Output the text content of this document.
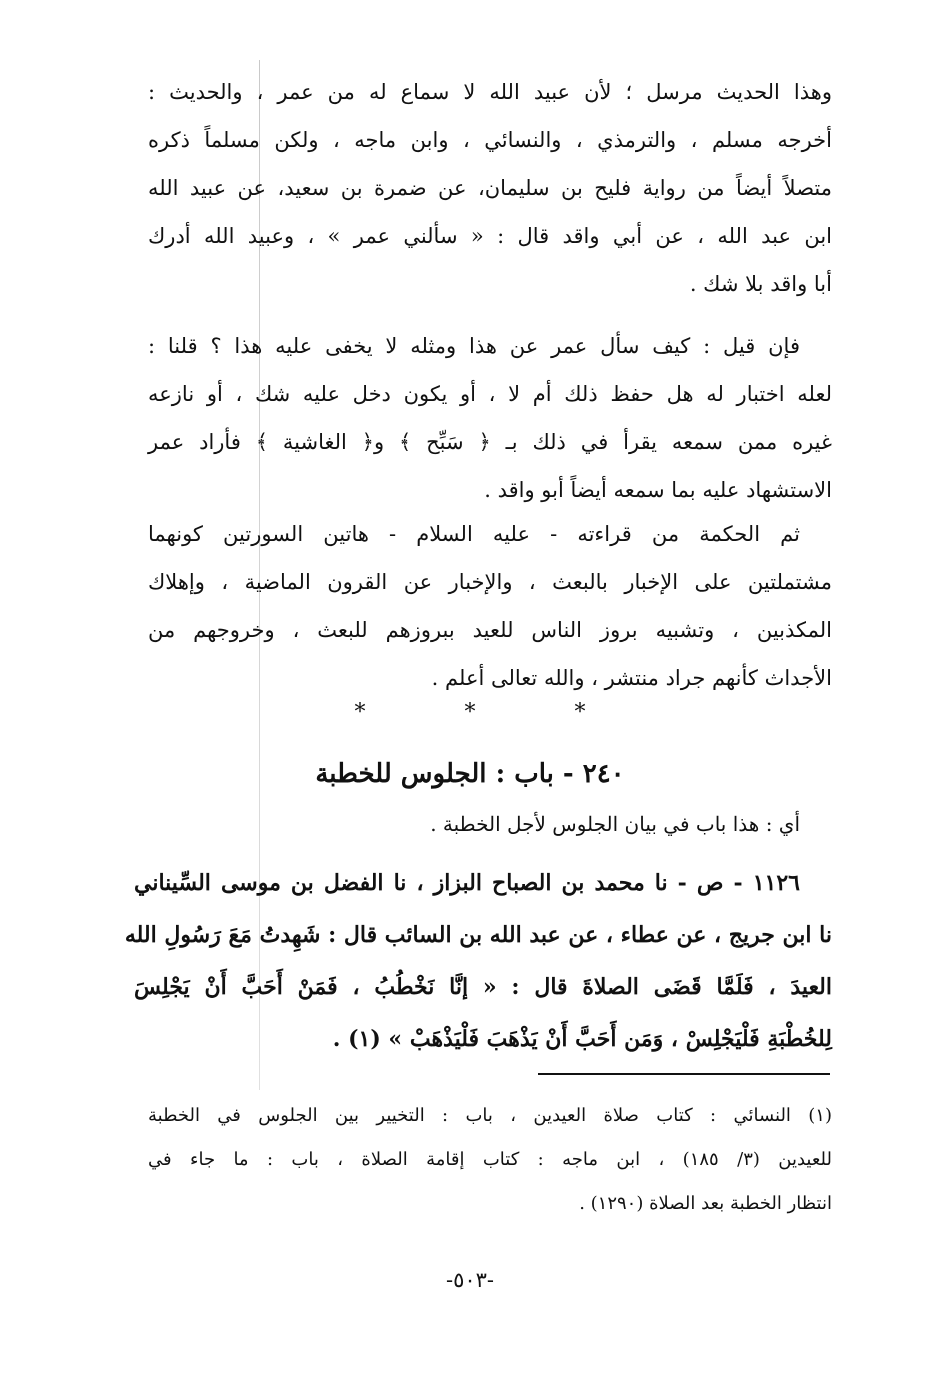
وهذا الحديث مرسل ؛ لأن عبيد الله لا سماع له من عمر ، والحديث :
أخرجه مسلم ، والترمذي ، والنسائي ، وابن ماجه ، ولكن مسلماً ذكره
متصلاً أيضاً من رواية فليح بن سليمان، عن ضمرة بن سعيد، عن عبيد الله
ابن عبد الله ، عن أبي واقد قال : « سألني عمر » ، وعبيد الله أدرك
أبا واقد بلا شك .
فإن قيل : كيف سأل عمر عن هذا ومثله لا يخفى عليه هذا ؟ قلنا :
لعله اختبار له هل حفظ ذلك أم لا ، أو يكون دخل عليه شك ، أو نازعه
غيره ممن سمعه يقرأ في ذلك بـ ﴿ سَبِّح ﴾ و﴿ الغاشية ﴾ فأراد عمر
الاستشهاد عليه بما سمعه أيضاً أبو واقد .
ثم الحكمة من قراءته - عليه السلام - هاتين السورتين كونهما
مشتملتين على الإخبار بالبعث ، والإخبار عن القرون الماضية ، وإهلاك
المكذبين ، وتشبيه بروز الناس للعيد ببروزهم للبعث ، وخروجهم من
الأجداث كأنهم جراد منتشر ، والله تعالى أعلم .
* * *
٢٤٠ - باب : الجلوس للخطبة
أي : هذا باب في بيان الجلوس لأجل الخطبة .
١١٢٦ - ص - نا محمد بن الصباح البزاز ، نا الفضل بن موسى السِّيناني
نا ابن جريج ، عن عطاء ، عن عبد الله بن السائب قال : شَهِدتُ مَعَ رَسُولِ الله
العيدَ ، فَلَمَّا قَضَى الصلاةَ قال : « إنَّا نَخْطُبُ ، فَمَنْ أَحَبَّ أَنْ يَجْلِسَ
لِلخُطْبَةِ فَلْيَجْلِسْ ، وَمَن أَحَبَّ أَنْ يَذْهَبَ فَلْيَذْهَبْ » (١) .
(١) النسائي : كتاب صلاة العيدين ، باب : التخيير بين الجلوس في الخطبة
للعيدين (٣/ ١٨٥) ، ابن ماجه : كتاب إقامة الصلاة ، باب : ما جاء في
انتظار الخطبة بعد الصلاة (١٢٩٠) .
-٥٠٣-
